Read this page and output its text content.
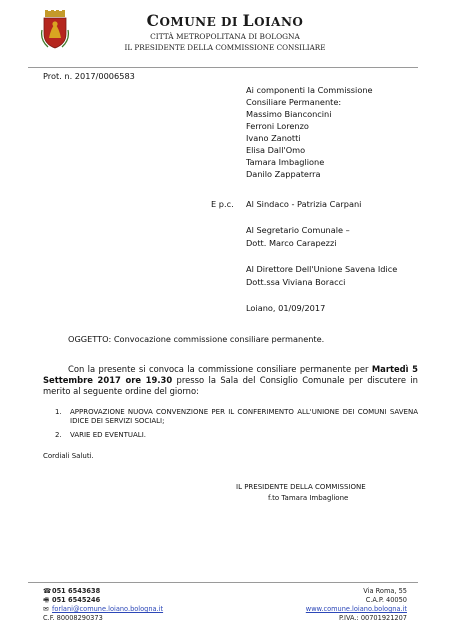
COMUNE DI LOIANO
CITTÀ METROPOLITANA DI BOLOGNA
IL PRESIDENTE DELLA COMMISSIONE CONSILIARE
Prot. n. 2017/0006583
Ai componenti la Commissione
Consiliare Permanente:
Massimo Bianconcini
Ferroni Lorenzo
Ivano Zanotti
Elisa Dall'Omo
Tamara Imbaglione
Danilo Zappaterra
E p.c. Al Sindaco - Patrizia Carpani
Al Segretario Comunale –
Dott. Marco Carapezzi
Al Direttore Dell'Unione Savena Idice
Dott.ssa Viviana Boracci
Loiano, 01/09/2017
OGGETTO: Convocazione commissione consiliare permanente.
Con la presente si convoca la commissione consiliare permanente per Martedì 5 Settembre 2017 ore 19.30 presso la Sala del Consiglio Comunale per discutere in merito al seguente ordine del giorno:
1. APPROVAZIONE NUOVA CONVENZIONE PER IL CONFERIMENTO ALL'UNIONE DEI COMUNI SAVENA IDICE DEI SERVIZI SOCIALI;
2. VARIE ED EVENTUALI.
Cordiali Saluti.
IL PRESIDENTE DELLA COMMISSIONE
f.to Tamara Imbaglione
☎051 6543638
🖷 051 6545246
✉ forlani@comune.loiano.bologna.it
C.F. 80008290373
Via Roma, 55
C.A.P. 40050
www.comune.loiano.bologna.it
P.IVA.: 00701921207
